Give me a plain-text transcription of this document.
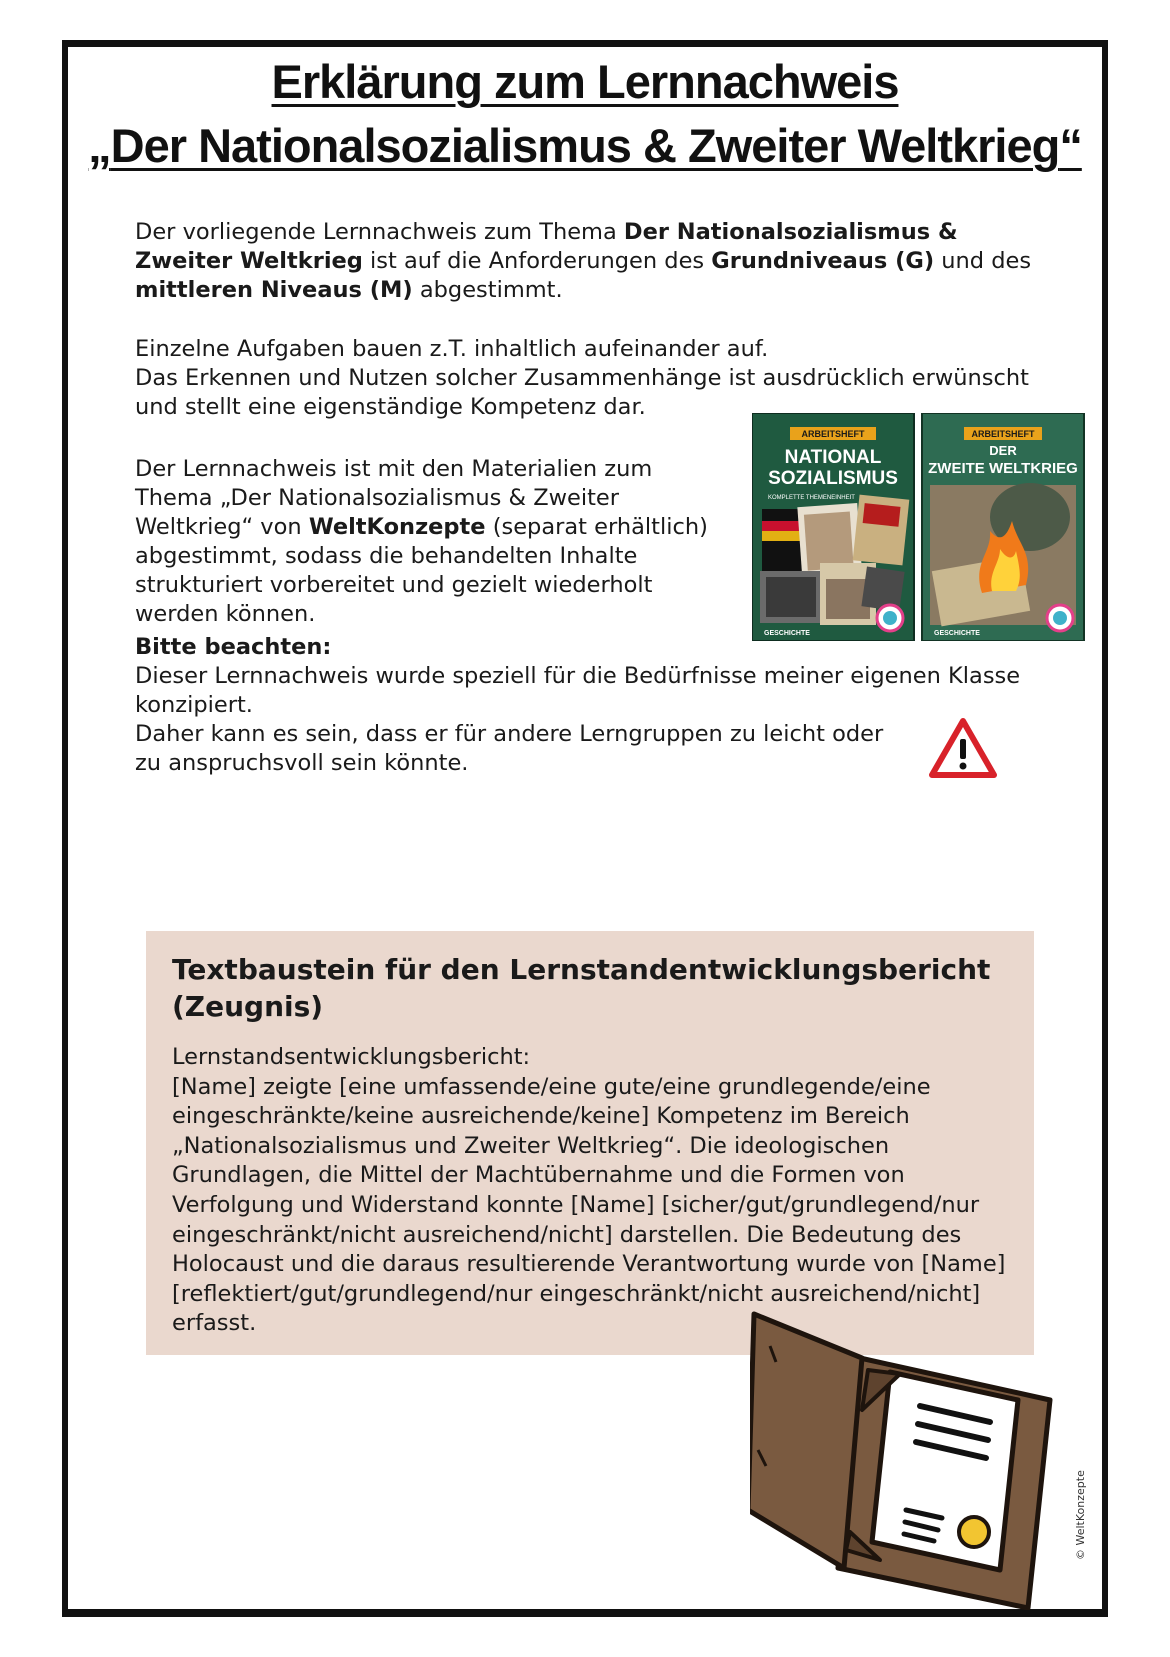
Erklärung zum Lernnachweis
„Der Nationalsozialismus & Zweiter Weltkrieg“

Der vorliegende Lernnachweis zum Thema Der Nationalsozialismus & Zweiter Weltkrieg ist auf die Anforderungen des Grundniveaus (G) und des mittleren Niveaus (M) abgestimmt.

Einzelne Aufgaben bauen z.T. inhaltlich aufeinander auf.
Das Erkennen und Nutzen solcher Zusammenhänge ist ausdrücklich erwünscht und stellt eine eigenständige Kompetenz dar.

Der Lernnachweis ist mit den Materialien zum Thema „Der Nationalsozialismus & Zweiter Weltkrieg“ von WeltKonzepte (separat erhältlich) abgestimmt, sodass die behandelten Inhalte strukturiert vorbereitet und gezielt wiederholt werden können.

ARBEITSHEFT
NATIONAL
SOZIALISMUS
KOMPLETTE THEMENEINHEIT
GESCHICHTE
ARBEITSHEFT
DER
ZWEITE WELTKRIEG
GESCHICHTE

Bitte beachten:

Dieser Lernnachweis wurde speziell für die Bedürfnisse meiner eigenen Klasse konzipiert.

Daher kann es sein, dass er für andere Lerngruppen zu leicht oder zu anspruchsvoll sein könnte.

Textbaustein für den Lernstandentwicklungsbericht (Zeugnis)

Lernstandsentwicklungsbericht:
[Name] zeigte [eine umfassende/eine gute/eine grundlegende/eine eingeschränkte/keine ausreichende/keine] Kompetenz im Bereich „Nationalsozialismus und Zweiter Weltkrieg“. Die ideologischen Grundlagen, die Mittel der Machtübernahme und die Formen von Verfolgung und Widerstand konnte [Name] [sicher/gut/grundlegend/nur eingeschränkt/nicht ausreichend/nicht] darstellen. Die Bedeutung des Holocaust und die daraus resultierende Verantwortung wurde von [Name] [reflektiert/gut/grundlegend/nur eingeschränkt/nicht ausreichend/nicht] erfasst.

© WeltKonzepte
